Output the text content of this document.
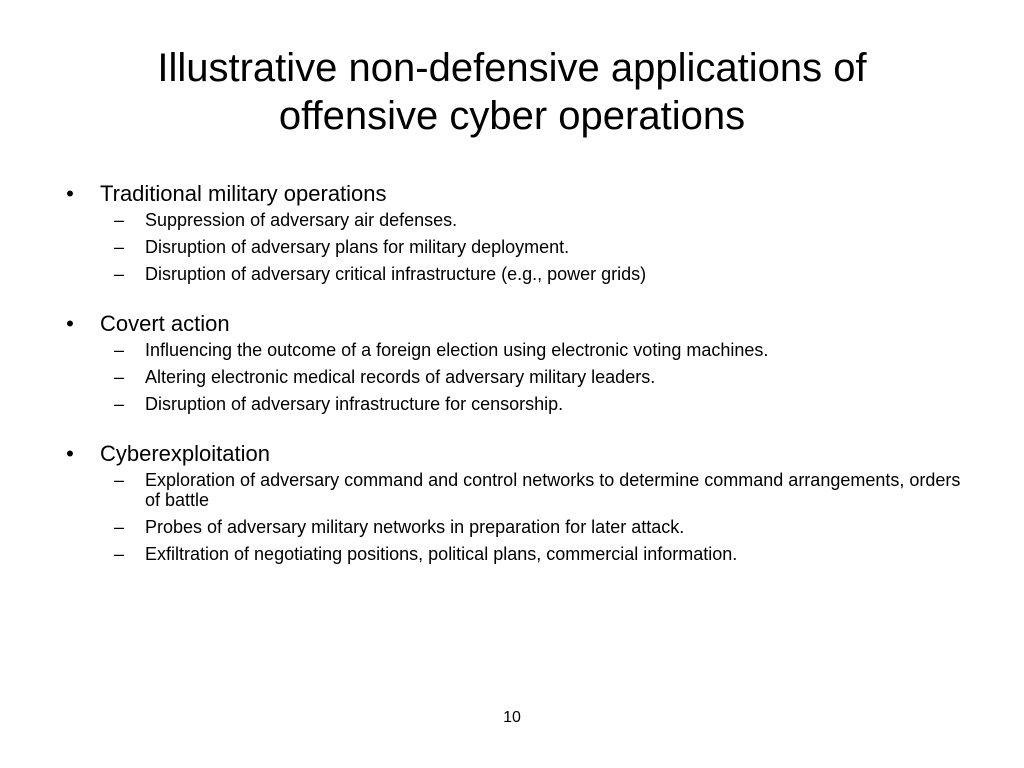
Illustrative non-defensive applications of
offensive cyber operations
• Traditional military operations
– Suppression of adversary air defenses.
– Disruption of adversary plans for military deployment.
– Disruption of adversary critical infrastructure (e.g., power grids)
• Covert action
– Influencing the outcome of a foreign election using electronic voting machines.
– Altering electronic medical records of adversary military leaders.
– Disruption of adversary infrastructure for censorship.
• Cyberexploitation
– Exploration of adversary command and control networks to determine command arrangements, orders of battle
– Probes of adversary military networks in preparation for later attack.
– Exfiltration of negotiating positions, political plans, commercial information.
10
